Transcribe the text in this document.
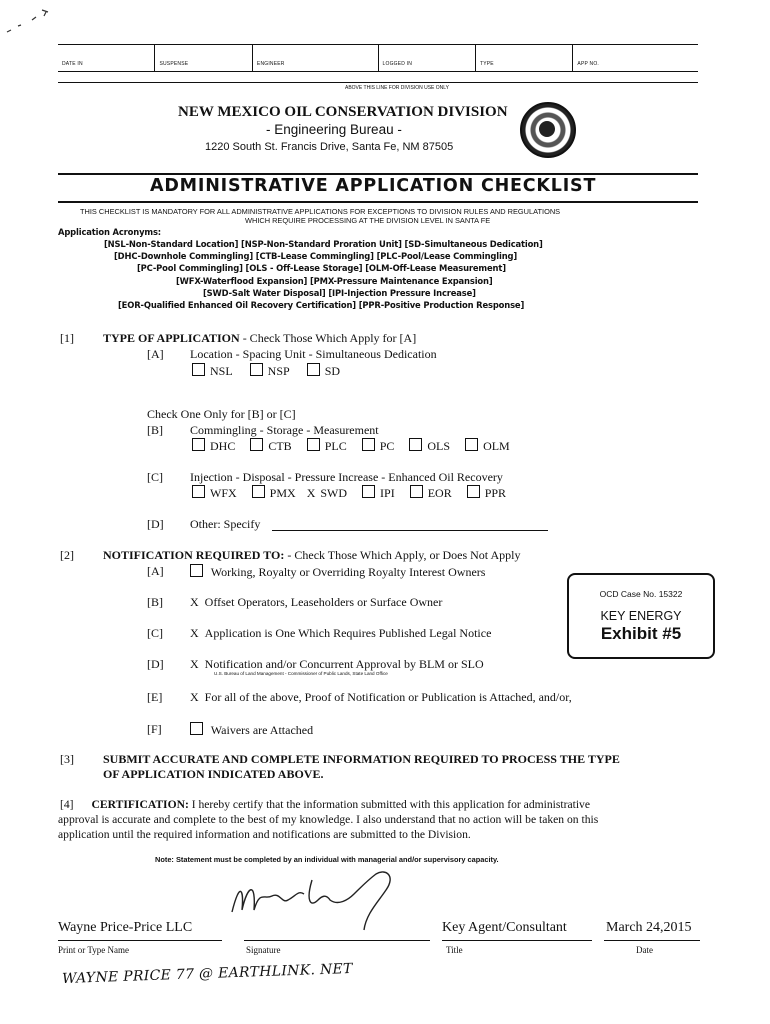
DATE IN	SUSPENSE	ENGINEER	LOGGED IN	TYPE	APP NO.
ABOVE THIS LINE FOR DIVISION USE ONLY
NEW MEXICO OIL CONSERVATION DIVISION
- Engineering Bureau -
1220 South St. Francis Drive, Santa Fe, NM 87505
ADMINISTRATIVE APPLICATION CHECKLIST
THIS CHECKLIST IS MANDATORY FOR ALL ADMINISTRATIVE APPLICATIONS FOR EXCEPTIONS TO DIVISION RULES AND REGULATIONS
WHICH REQUIRE PROCESSING AT THE DIVISION LEVEL IN SANTA FE
Application Acronyms:
[NSL-Non-Standard Location] [NSP-Non-Standard Proration Unit] [SD-Simultaneous Dedication]
[DHC-Downhole Commingling] [CTB-Lease Commingling] [PLC-Pool/Lease Commingling]
[PC-Pool Commingling] [OLS - Off-Lease Storage] [OLM-Off-Lease Measurement]
[WFX-Waterflood Expansion] [PMX-Pressure Maintenance Expansion]
[SWD-Salt Water Disposal] [IPI-Injection Pressure Increase]
[EOR-Qualified Enhanced Oil Recovery Certification] [PPR-Positive Production Response]
[1] TYPE OF APPLICATION - Check Those Which Apply for [A]
[A] Location - Spacing Unit - Simultaneous Dedication
NSL	NSP	SD
Check One Only for [B] or [C]
[B] Commingling - Storage - Measurement
DHC	CTB	PLC	PC	OLS	OLM
[C] Injection - Disposal - Pressure Increase - Enhanced Oil Recovery
WFX	PMX X SWD	IPI	EOR	PPR
[D] Other: Specify
[2] NOTIFICATION REQUIRED TO: - Check Those Which Apply, or Does Not Apply
[A]	Working, Royalty or Overriding Royalty Interest Owners
[B] X Offset Operators, Leaseholders or Surface Owner
[C] X Application is One Which Requires Published Legal Notice
[D] X Notification and/or Concurrent Approval by BLM or SLO
U.S. Bureau of Land Management - Commissioner of Public Lands, State Land Office
[E] X For all of the above, Proof of Notification or Publication is Attached, and/or,
[F]	Waivers are Attached
OCD Case No. 15322
KEY ENERGY
Exhibit #5
[3] SUBMIT ACCURATE AND COMPLETE INFORMATION REQUIRED TO PROCESS THE TYPE
OF APPLICATION INDICATED ABOVE.
[4] CERTIFICATION: I hereby certify that the information submitted with this application for administrative
approval is accurate and complete to the best of my knowledge. I also understand that no action will be taken on this
application until the required information and notifications are submitted to the Division.
Note: Statement must be completed by an individual with managerial and/or supervisory capacity.
Wayne Price-Price LLC	Key Agent/Consultant	March 24,2015
Print or Type Name	Signature	Title	Date
WAYNE PRICE 77 @ EARTHLINK. NET
